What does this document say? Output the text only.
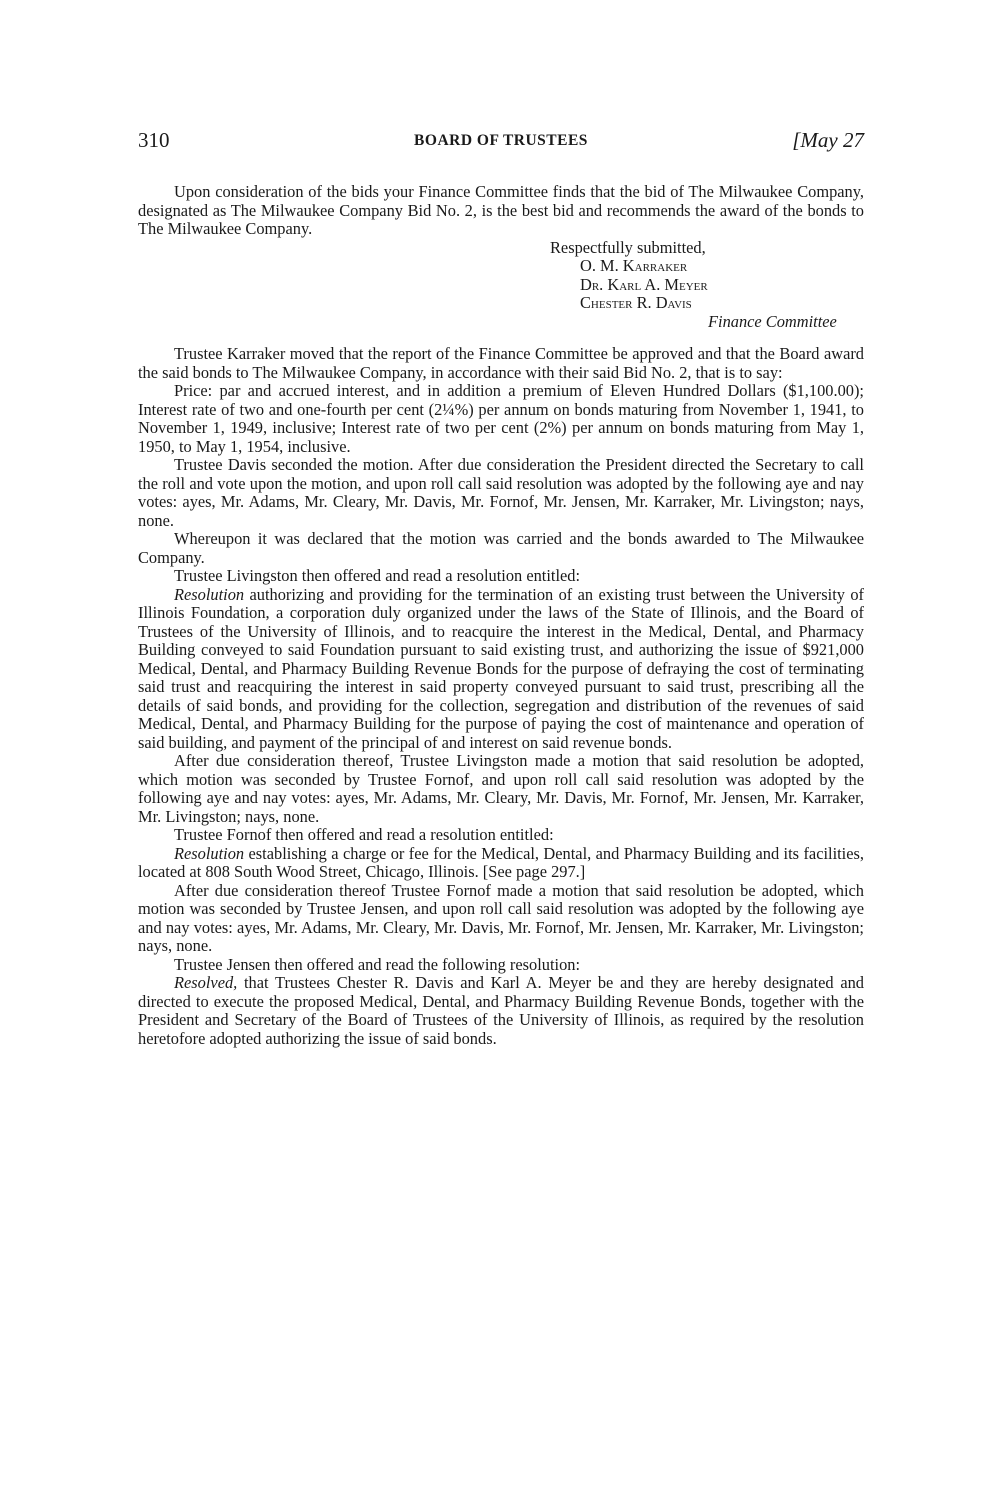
310	BOARD OF TRUSTEES	[May 27

Upon consideration of the bids your Finance Committee finds that the bid of The Milwaukee Company, designated as The Milwaukee Company Bid No. 2, is the best bid and recommends the award of the bonds to The Milwaukee Company.

Respectfully submitted,
O. M. Karraker
Dr. Karl A. Meyer
Chester R. Davis
Finance Committee

Trustee Karraker moved that the report of the Finance Committee be approved and that the Board award the said bonds to The Milwaukee Company, in accordance with their said Bid No. 2, that is to say:

Price: par and accrued interest, and in addition a premium of Eleven Hundred Dollars ($1,100.00); Interest rate of two and one-fourth per cent (2¼%) per annum on bonds maturing from November 1, 1941, to November 1, 1949, inclusive; Interest rate of two per cent (2%) per annum on bonds maturing from May 1, 1950, to May 1, 1954, inclusive.

Trustee Davis seconded the motion. After due consideration the President directed the Secretary to call the roll and vote upon the motion, and upon roll call said resolution was adopted by the following aye and nay votes: ayes, Mr. Adams, Mr. Cleary, Mr. Davis, Mr. Fornof, Mr. Jensen, Mr. Karraker, Mr. Livingston; nays, none.

Whereupon it was declared that the motion was carried and the bonds awarded to The Milwaukee Company.

Trustee Livingston then offered and read a resolution entitled:

Resolution authorizing and providing for the termination of an existing trust between the University of Illinois Foundation, a corporation duly organized under the laws of the State of Illinois, and the Board of Trustees of the University of Illinois, and to reacquire the interest in the Medical, Dental, and Pharmacy Building conveyed to said Foundation pursuant to said existing trust, and authorizing the issue of $921,000 Medical, Dental, and Pharmacy Building Revenue Bonds for the purpose of defraying the cost of terminating said trust and reacquiring the interest in said property conveyed pursuant to said trust, prescribing all the details of said bonds, and providing for the collection, segregation and distribution of the revenues of said Medical, Dental, and Pharmacy Building for the purpose of paying the cost of maintenance and operation of said building, and payment of the principal of and interest on said revenue bonds.

After due consideration thereof, Trustee Livingston made a motion that said resolution be adopted, which motion was seconded by Trustee Fornof, and upon roll call said resolution was adopted by the following aye and nay votes: ayes, Mr. Adams, Mr. Cleary, Mr. Davis, Mr. Fornof, Mr. Jensen, Mr. Karraker, Mr. Livingston; nays, none.

Trustee Fornof then offered and read a resolution entitled:

Resolution establishing a charge or fee for the Medical, Dental, and Pharmacy Building and its facilities, located at 808 South Wood Street, Chicago, Illinois. [See page 297.]

After due consideration thereof Trustee Fornof made a motion that said resolution be adopted, which motion was seconded by Trustee Jensen, and upon roll call said resolution was adopted by the following aye and nay votes: ayes, Mr. Adams, Mr. Cleary, Mr. Davis, Mr. Fornof, Mr. Jensen, Mr. Karraker, Mr. Livingston; nays, none.

Trustee Jensen then offered and read the following resolution:

Resolved, that Trustees Chester R. Davis and Karl A. Meyer be and they are hereby designated and directed to execute the proposed Medical, Dental, and Pharmacy Building Revenue Bonds, together with the President and Secretary of the Board of Trustees of the University of Illinois, as required by the resolution heretofore adopted authorizing the issue of said bonds.
